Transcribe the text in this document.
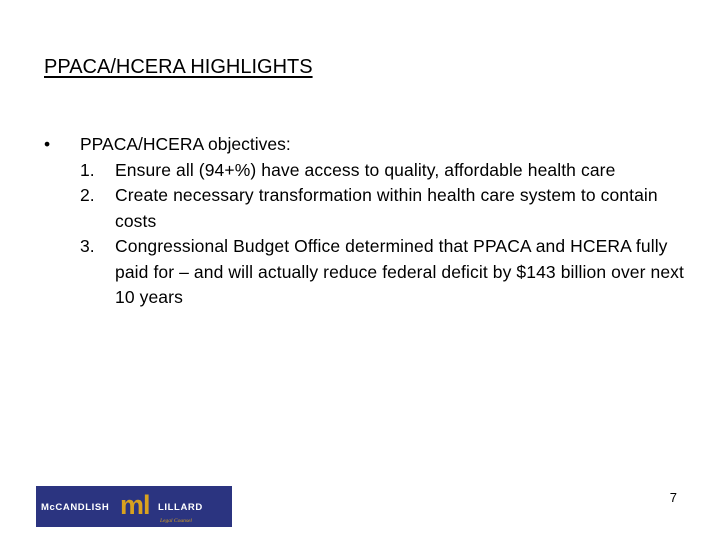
PPACA/HCERA HIGHLIGHTS
•	PPACA/HCERA objectives:
1.	Ensure all (94+%) have access to quality, affordable health care
2.	Create necessary transformation within health care system to contain costs
3.	Congressional Budget Office determined that PPACA and HCERA fully paid for – and will actually reduce federal deficit by $143 billion over next 10 years
McCANDLISH ml LILLARD
Legal Counsel
7
